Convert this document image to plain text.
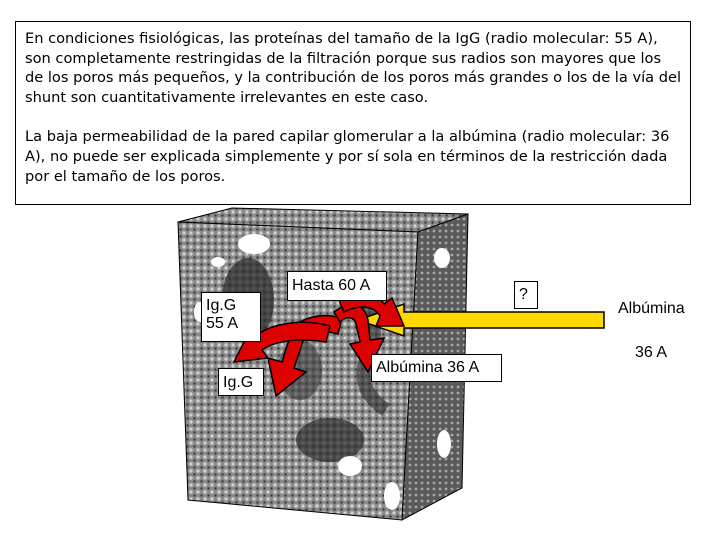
En condiciones fisiológicas, las proteínas del tamaño de la IgG (radio molecular: 55 A), son completamente restringidas de la filtración porque sus radios son mayores que los de los poros más pequeños, y la contribución de los poros más grandes o los de la vía del shunt son cuantitativamente irrelevantes en este caso.

La baja permeabilidad de la pared capilar glomerular a la albúmina (radio molecular: 36 A), no puede ser explicada simplemente y por sí sola en términos de la restricción dada por el tamaño de los poros.

Hasta 60 A
?
Ig.G
55 A
Ig.G
Albúmina 36 A
Albúmina
36 A
